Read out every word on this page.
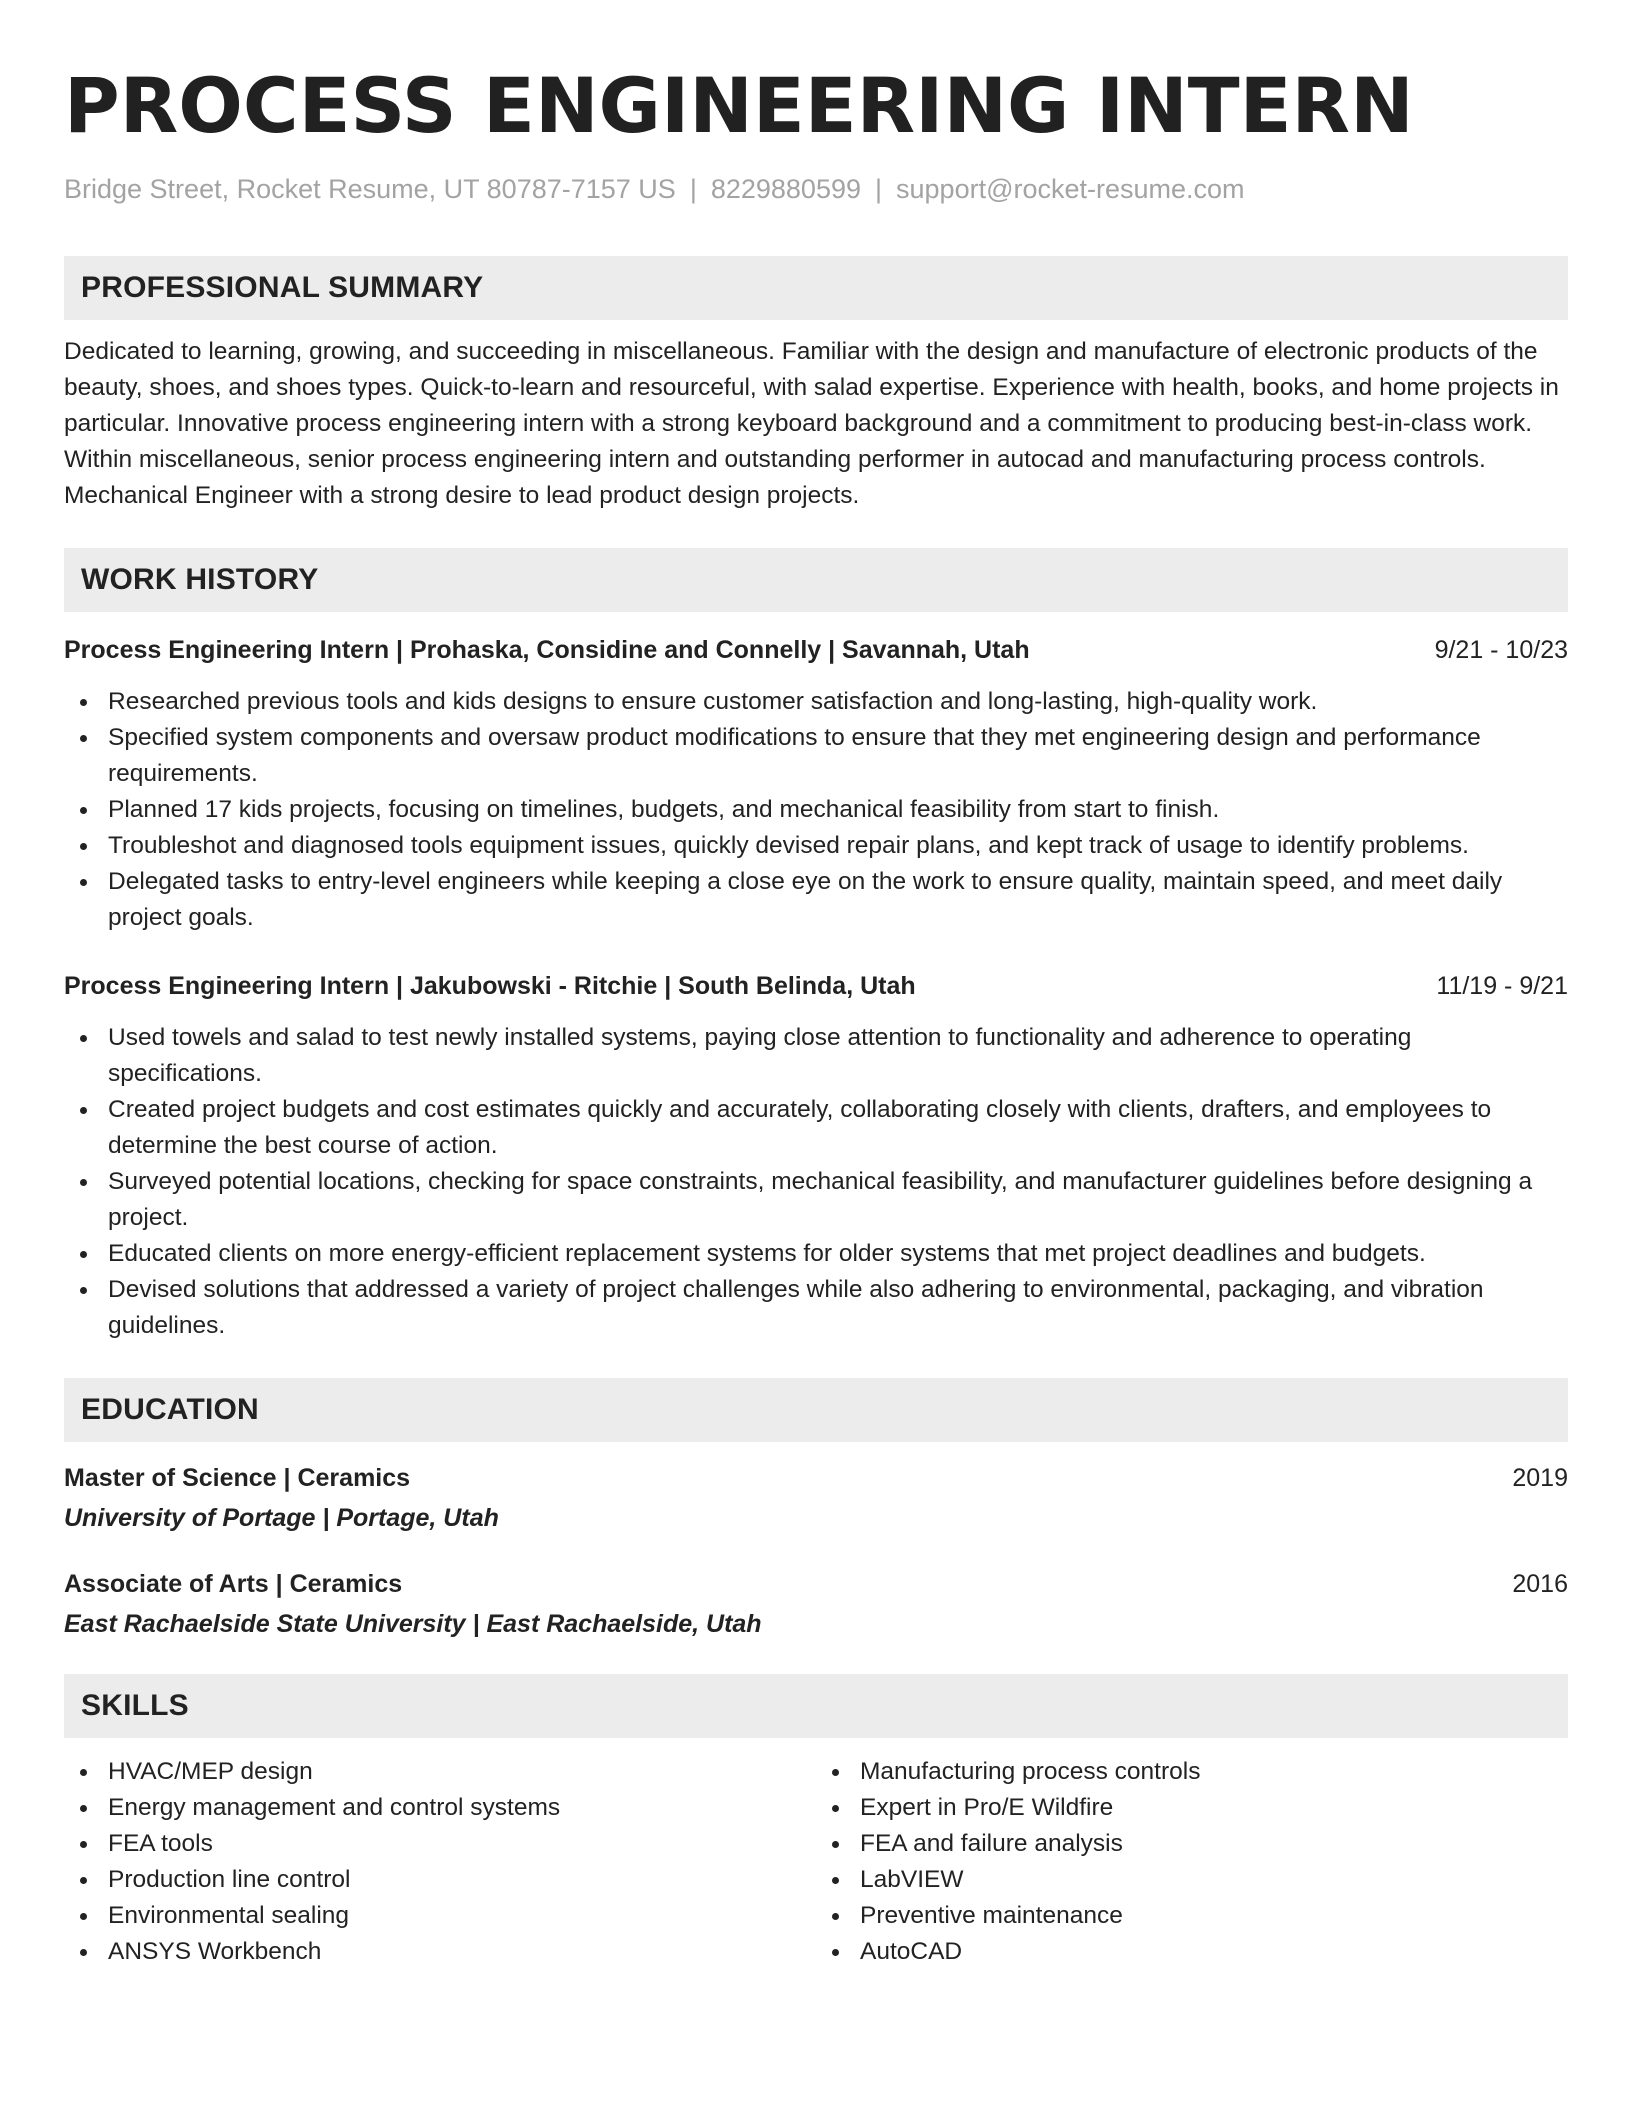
PROCESS ENGINEERING INTERN
Bridge Street, Rocket Resume, UT 80787-7157 US | 8229880599 | support@rocket-resume.com
PROFESSIONAL SUMMARY

Dedicated to learning, growing, and succeeding in miscellaneous. Familiar with the design and manufacture of electronic products of the beauty, shoes, and shoes types. Quick-to-learn and resourceful, with salad expertise. Experience with health, books, and home projects in particular. Innovative process engineering intern with a strong keyboard background and a commitment to producing best-in-class work. Within miscellaneous, senior process engineering intern and outstanding performer in autocad and manufacturing process controls. Mechanical Engineer with a strong desire to lead product design projects.

WORK HISTORY
Process Engineering Intern | Prohaska, Considine and Connelly | Savannah, Utah	9/21 - 10/23
Researched previous tools and kids designs to ensure customer satisfaction and long-lasting, high-quality work.
Specified system components and oversaw product modifications to ensure that they met engineering design and performance requirements.
Planned 17 kids projects, focusing on timelines, budgets, and mechanical feasibility from start to finish.
Troubleshot and diagnosed tools equipment issues, quickly devised repair plans, and kept track of usage to identify problems.
Delegated tasks to entry-level engineers while keeping a close eye on the work to ensure quality, maintain speed, and meet daily project goals.
Process Engineering Intern | Jakubowski - Ritchie | South Belinda, Utah	11/19 - 9/21
Used towels and salad to test newly installed systems, paying close attention to functionality and adherence to operating specifications.
Created project budgets and cost estimates quickly and accurately, collaborating closely with clients, drafters, and employees to determine the best course of action.
Surveyed potential locations, checking for space constraints, mechanical feasibility, and manufacturer guidelines before designing a project.
Educated clients on more energy-efficient replacement systems for older systems that met project deadlines and budgets.
Devised solutions that addressed a variety of project challenges while also adhering to environmental, packaging, and vibration guidelines.
EDUCATION
Master of Science | Ceramics	2019
University of Portage | Portage, Utah
Associate of Arts | Ceramics	2016
East Rachaelside State University | East Rachaelside, Utah
SKILLS
HVAC/MEP design
Energy management and control systems
FEA tools
Production line control
Environmental sealing
ANSYS Workbench
Manufacturing process controls
Expert in Pro/E Wildfire
FEA and failure analysis
LabVIEW
Preventive maintenance
AutoCAD
